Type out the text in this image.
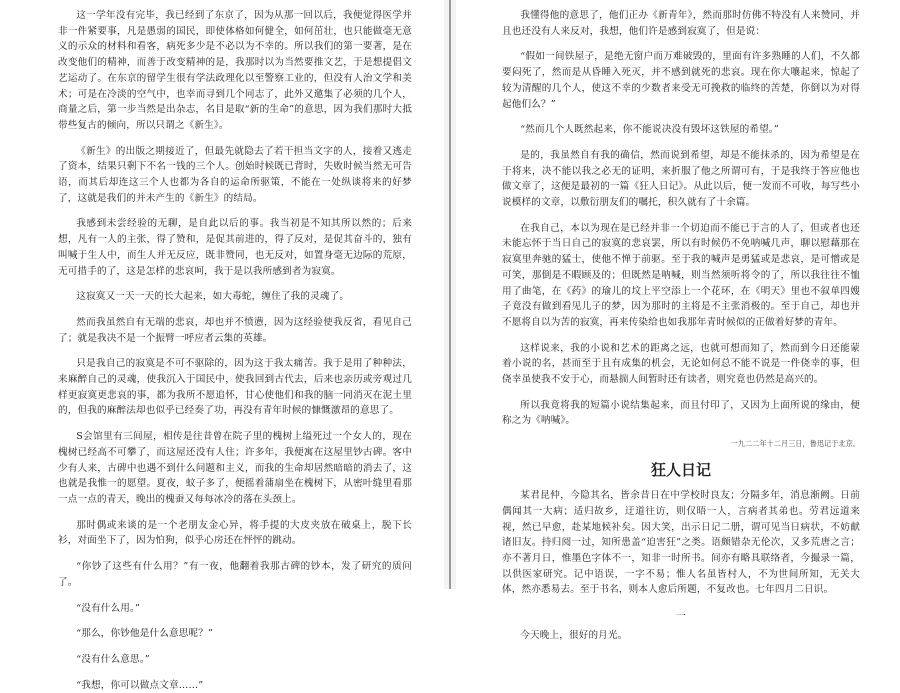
这一学年没有完毕，我已经到了东京了，因为从那一回以后，我便觉得医学并非一件紧要事，凡是愚弱的国民，即使体格如何健全，如何茁壮，也只能做毫无意义的示众的材料和看客，病死多少是不必以为不幸的。所以我们的第一要著，是在改变他们的精神，而善于改变精神的是，我那时以为当然要推文艺，于是想提倡文艺运动了。在东京的留学生很有学法政理化以至警察工业的，但没有人治文学和美术；可是在冷淡的空气中，也幸而寻到几个同志了，此外又邀集了必须的几个人，商量之后，第一步当然是出杂志，名目是取“新的生命”的意思，因为我们那时大抵带些复古的倾向，所以只谓之《新生》。

《新生》的出版之期接近了，但最先就隐去了若干担当文字的人，接着又逃走了资本，结果只剩下不名一钱的三个人。创始时候既已背时，失败时候当然无可告语，而其后却连这三个人也都为各自的运命所驱策，不能在一处纵谈将来的好梦了，这就是我们的并未产生的《新生》的结局。

我感到未尝经验的无聊，是自此以后的事。我当初是不知其所以然的；后来想，凡有一人的主张，得了赞和，是促其前进的，得了反对，是促其奋斗的，独有叫喊于生人中，而生人并无反应，既非赞同，也无反对，如置身毫无边际的荒原，无可措手的了，这是怎样的悲哀呵，我于是以我所感到者为寂寞。

这寂寞又一天一天的长大起来，如大毒蛇，缠住了我的灵魂了。

然而我虽然自有无端的悲哀，却也并不愤懑，因为这经验使我反省，看见自己了；就是我决不是一个振臂一呼应者云集的英雄。

只是我自己的寂寞是不可不驱除的，因为这于我太痛苦。我于是用了种种法，来麻醉自己的灵魂，使我沉入于国民中，使我回到古代去，后来也亲历或旁观过几样更寂寞更悲哀的事，都为我所不愿追怀，甘心使他们和我的脑一同消灭在泥土里的，但我的麻醉法却也似乎已经奏了功，再没有青年时候的慷慨激昂的意思了。

S会馆里有三间屋，相传是往昔曾在院子里的槐树上缢死过一个女人的，现在槐树已经高不可攀了，而这屋还没有人住；许多年，我便寓在这屋里钞古碑。客中少有人来，古碑中也遇不到什么问题和主义，而我的生命却居然暗暗的消去了，这也就是我惟一的愿望。夏夜，蚊子多了，便摇着蒲扇坐在槐树下，从密叶缝里看那一点一点的青天，晚出的槐蚕又每每冰冷的落在头颈上。

那时偶或来谈的是一个老朋友金心异，将手提的大皮夹放在破桌上，脱下长衫，对面坐下了，因为怕狗，似乎心房还在怦怦的跳动。

“你钞了这些有什么用？”有一夜，他翻着我那古碑的钞本，发了研究的质问了。

“没有什么用。”

“那么，你钞他是什么意思呢？”

“没有什么意思。”

“我想，你可以做点文章……”

我懂得他的意思了，他们正办《新青年》，然而那时仿佛不特没有人来赞同，并且也还没有人来反对，我想，他们许是感到寂寞了，但是说：

“假如一间铁屋子，是绝无窗户而万难破毁的，里面有许多熟睡的人们，不久都要闷死了，然而是从昏睡入死灭，并不感到就死的悲哀。现在你大嚷起来，惊起了较为清醒的几个人，使这不幸的少数者来受无可挽救的临终的苦楚，你倒以为对得起他们么？”

“然而几个人既然起来，你不能说决没有毁坏这铁屋的希望。”

是的，我虽然自有我的确信，然而说到希望，却是不能抹杀的，因为希望是在于将来，决不能以我之必无的证明，来折服了他之所谓可有，于是我终于答应他也做文章了，这便是最初的一篇《狂人日记》。从此以后，便一发而不可收，每写些小说模样的文章，以敷衍朋友们的嘱托，积久就有了十余篇。

在我自己，本以为现在是已经并非一个切迫而不能已于言的人了，但或者也还未能忘怀于当日自己的寂寞的悲哀罢，所以有时候仍不免呐喊几声，聊以慰藉那在寂寞里奔驰的猛士，使他不惮于前驱。至于我的喊声是勇猛或是悲哀，是可憎或是可笑，那倒是不暇顾及的；但既然是呐喊，则当然须听将令的了，所以我往往不恤用了曲笔，在《药》的瑜儿的坟上平空添上一个花环，在《明天》里也不叙单四嫂子竟没有做到看见儿子的梦，因为那时的主将是不主张消极的。至于自己，却也并不愿将自以为苦的寂寞，再来传染给也如我那年青时候似的正做着好梦的青年。

这样说来，我的小说和艺术的距离之远，也就可想而知了，然而到今日还能蒙着小说的名，甚而至于且有成集的机会，无论如何总不能不说是一件侥幸的事，但侥幸虽使我不安于心，而悬揣人间暂时还有读者，则究竟也仍然是高兴的。

所以我竟将我的短篇小说结集起来，而且付印了，又因为上面所说的缘由，便称之为《呐喊》。

一九二二年十二月三日，鲁迅记于北京。

狂人日记

某君昆仲，今隐其名，皆余昔日在中学校时良友；分隔多年，消息渐阙。日前偶闻其一大病；适归故乡，迂道往访，则仅晤一人，言病者其弟也。劳君远道来视，然已早愈，赴某地候补矣。因大笑，出示日记二册，谓可见当日病状，不妨献诸旧友。持归阅一过，知所患盖“迫害狂”之类。语颇错杂无伦次，又多荒唐之言；亦不著月日，惟墨色字体不一，知非一时所书。间亦有略具联络者，今撮录一篇，以供医家研究。记中语误，一字不易；惟人名虽皆村人，不为世间所知，无关大体，然亦悉易去。至于书名，则本人愈后所题，不复改也。七年四月二日识。

一

今天晚上，很好的月光。
